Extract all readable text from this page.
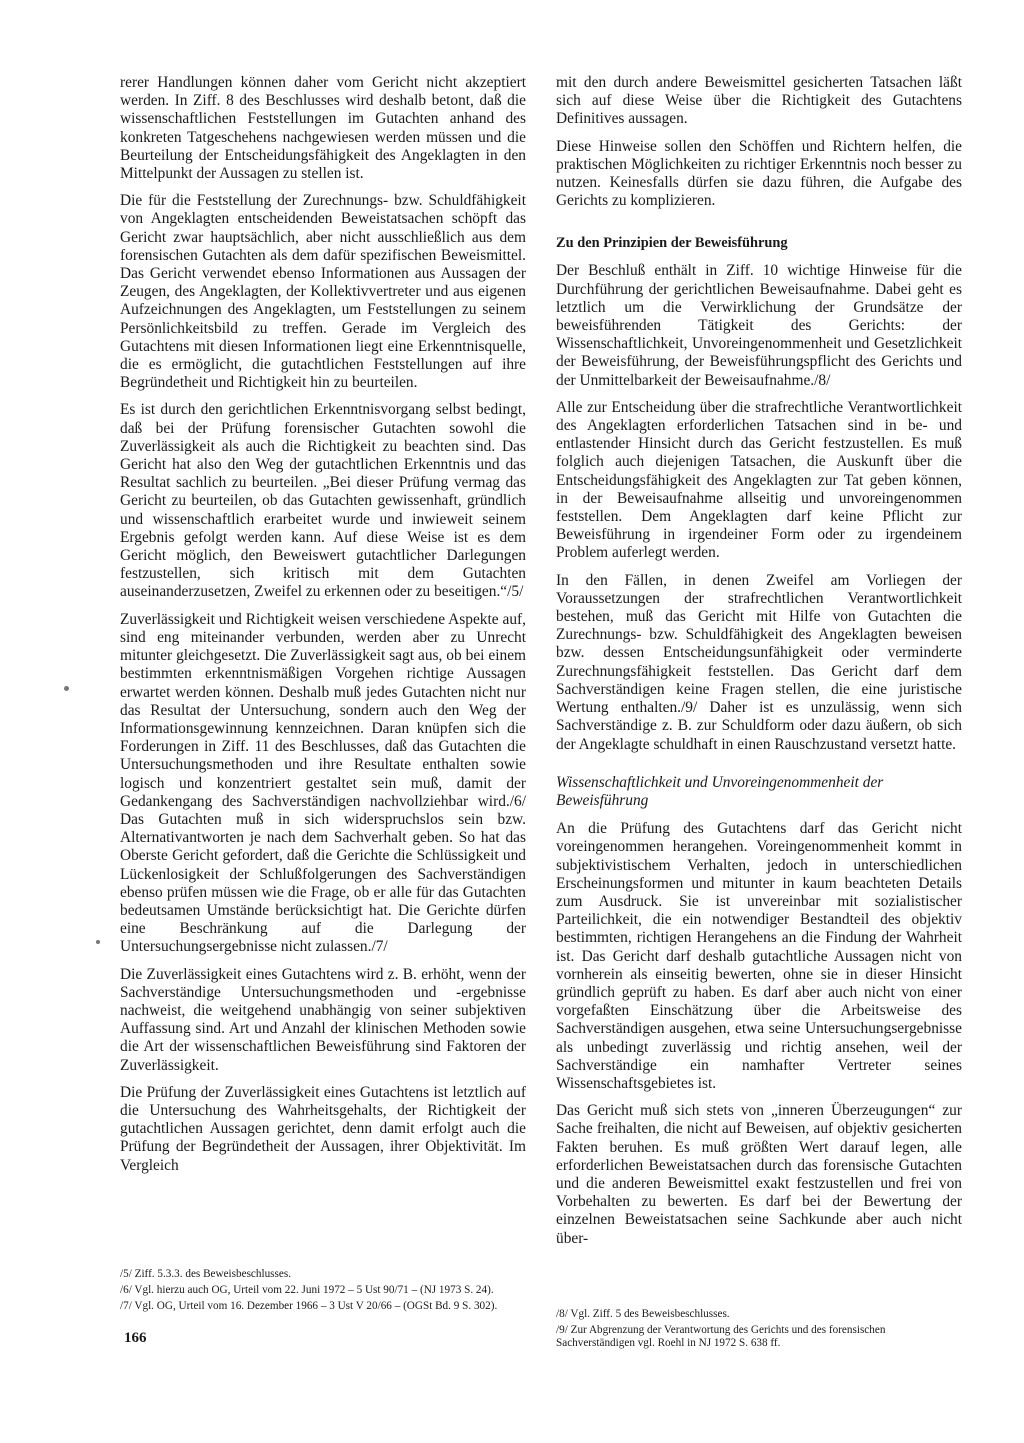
rerer Handlungen können daher vom Gericht nicht akzeptiert werden. In Ziff. 8 des Beschlusses wird deshalb betont, daß die wissenschaftlichen Feststellungen im Gutachten anhand des konkreten Tatgeschehens nachgewiesen werden müssen und die Beurteilung der Entscheidungsfähigkeit des Angeklagten in den Mittelpunkt der Aussagen zu stellen ist.

Die für die Feststellung der Zurechnungs- bzw. Schuldfähigkeit von Angeklagten entscheidenden Beweistatsachen schöpft das Gericht zwar hauptsächlich, aber nicht ausschließlich aus dem forensischen Gutachten als dem dafür spezifischen Beweismittel. Das Gericht verwendet ebenso Informationen aus Aussagen der Zeugen, des Angeklagten, der Kollektivvertreter und aus eigenen Aufzeichnungen des Angeklagten, um Feststellungen zu seinem Persönlichkeitsbild zu treffen. Gerade im Vergleich des Gutachtens mit diesen Informationen liegt eine Erkenntnisquelle, die es ermöglicht, die gutachtlichen Feststellungen auf ihre Begründetheit und Richtigkeit hin zu beurteilen.

Es ist durch den gerichtlichen Erkenntnisvorgang selbst bedingt, daß bei der Prüfung forensischer Gutachten sowohl die Zuverlässigkeit als auch die Richtigkeit zu beachten sind. Das Gericht hat also den Weg der gutachtlichen Erkenntnis und das Resultat sachlich zu beurteilen. „Bei dieser Prüfung vermag das Gericht zu beurteilen, ob das Gutachten gewissenhaft, gründlich und wissenschaftlich erarbeitet wurde und inwieweit seinem Ergebnis gefolgt werden kann. Auf diese Weise ist es dem Gericht möglich, den Beweiswert gutachtlicher Darlegungen festzustellen, sich kritisch mit dem Gutachten auseinanderzusetzen, Zweifel zu erkennen oder zu beseitigen.“/5/

Zuverlässigkeit und Richtigkeit weisen verschiedene Aspekte auf, sind eng miteinander verbunden, werden aber zu Unrecht mitunter gleichgesetzt. Die Zuverlässigkeit sagt aus, ob bei einem bestimmten erkenntnismäßigen Vorgehen richtige Aussagen erwartet werden können. Deshalb muß jedes Gutachten nicht nur das Resultat der Untersuchung, sondern auch den Weg der Informationsgewinnung kennzeichnen. Daran knüpfen sich die Forderungen in Ziff. 11 des Beschlusses, daß das Gutachten die Untersuchungsmethoden und ihre Resultate enthalten sowie logisch und konzentriert gestaltet sein muß, damit der Gedankengang des Sachverständigen nachvollziehbar wird./6/ Das Gutachten muß in sich widerspruchslos sein bzw. Alternativantworten je nach dem Sachverhalt geben. So hat das Oberste Gericht gefordert, daß die Gerichte die Schlüssigkeit und Lückenlosigkeit der Schlußfolgerungen des Sachverständigen ebenso prüfen müssen wie die Frage, ob er alle für das Gutachten bedeutsamen Umstände berücksichtigt hat. Die Gerichte dürfen eine Beschränkung auf die Darlegung der Untersuchungsergebnisse nicht zulassen./7/

Die Zuverlässigkeit eines Gutachtens wird z. B. erhöht, wenn der Sachverständige Untersuchungsmethoden und -ergebnisse nachweist, die weitgehend unabhängig von seiner subjektiven Auffassung sind. Art und Anzahl der klinischen Methoden sowie die Art der wissenschaftlichen Beweisführung sind Faktoren der Zuverlässigkeit.

Die Prüfung der Zuverlässigkeit eines Gutachtens ist letztlich auf die Untersuchung des Wahrheitsgehalts, der Richtigkeit der gutachtlichen Aussagen gerichtet, denn damit erfolgt auch die Prüfung der Begründetheit der Aussagen, ihrer Objektivität. Im Vergleich

/5/ Ziff. 5.3.3. des Beweisbeschlusses.

/6/ Vgl. hierzu auch OG, Urteil vom 22. Juni 1972 – 5 Ust 90/71 – (NJ 1973 S. 24).

/7/ Vgl. OG, Urteil vom 16. Dezember 1966 – 3 Ust V 20/66 – (OGSt Bd. 9 S. 302).

mit den durch andere Beweismittel gesicherten Tatsachen läßt sich auf diese Weise über die Richtigkeit des Gutachtens Definitives aussagen.

Diese Hinweise sollen den Schöffen und Richtern helfen, die praktischen Möglichkeiten zu richtiger Erkenntnis noch besser zu nutzen. Keinesfalls dürfen sie dazu führen, die Aufgabe des Gerichts zu komplizieren.

Zu den Prinzipien der Beweisführung

Der Beschluß enthält in Ziff. 10 wichtige Hinweise für die Durchführung der gerichtlichen Beweisaufnahme. Dabei geht es letztlich um die Verwirklichung der Grundsätze der beweisführenden Tätigkeit des Gerichts: der Wissenschaftlichkeit, Unvoreingenommenheit und Gesetzlichkeit der Beweisführung, der Beweisführungspflicht des Gerichts und der Unmittelbarkeit der Beweisaufnahme./8/

Alle zur Entscheidung über die strafrechtliche Verantwortlichkeit des Angeklagten erforderlichen Tatsachen sind in be- und entlastender Hinsicht durch das Gericht festzustellen. Es muß folglich auch diejenigen Tatsachen, die Auskunft über die Entscheidungsfähigkeit des Angeklagten zur Tat geben können, in der Beweisaufnahme allseitig und unvoreingenommen feststellen. Dem Angeklagten darf keine Pflicht zur Beweisführung in irgendeiner Form oder zu irgendeinem Problem auferlegt werden.

In den Fällen, in denen Zweifel am Vorliegen der Voraussetzungen der strafrechtlichen Verantwortlichkeit bestehen, muß das Gericht mit Hilfe von Gutachten die Zurechnungs- bzw. Schuldfähigkeit des Angeklagten beweisen bzw. dessen Entscheidungsunfähigkeit oder verminderte Zurechnungsfähigkeit feststellen. Das Gericht darf dem Sachverständigen keine Fragen stellen, die eine juristische Wertung enthalten./9/ Daher ist es unzulässig, wenn sich Sachverständige z. B. zur Schuldform oder dazu äußern, ob sich der Angeklagte schuldhaft in einen Rauschzustand versetzt hatte.

Wissenschaftlichkeit und Unvoreingenommenheit der Beweisführung

An die Prüfung des Gutachtens darf das Gericht nicht voreingenommen herangehen. Voreingenommenheit kommt in subjektivistischem Verhalten, jedoch in unterschiedlichen Erscheinungsformen und mitunter in kaum beachteten Details zum Ausdruck. Sie ist unvereinbar mit sozialistischer Parteilichkeit, die ein notwendiger Bestandteil des objektiv bestimmten, richtigen Herangehens an die Findung der Wahrheit ist. Das Gericht darf deshalb gutachtliche Aussagen nicht von vornherein als einseitig bewerten, ohne sie in dieser Hinsicht gründlich geprüft zu haben. Es darf aber auch nicht von einer vorgefaßten Einschätzung über die Arbeitsweise des Sachverständigen ausgehen, etwa seine Untersuchungsergebnisse als unbedingt zuverlässig und richtig ansehen, weil der Sachverständige ein namhafter Vertreter seines Wissenschaftsgebietes ist.

Das Gericht muß sich stets von „inneren Überzeugungen“ zur Sache freihalten, die nicht auf Beweisen, auf objektiv gesicherten Fakten beruhen. Es muß größten Wert darauf legen, alle erforderlichen Beweistatsachen durch das forensische Gutachten und die anderen Beweismittel exakt festzustellen und frei von Vorbehalten zu bewerten. Es darf bei der Bewertung der einzelnen Beweistatsachen seine Sachkunde aber auch nicht über-

/8/ Vgl. Ziff. 5 des Beweisbeschlusses.

/9/ Zur Abgrenzung der Verantwortung des Gerichts und des forensischen Sachverständigen vgl. Roehl in NJ 1972 S. 638 ff.

166
